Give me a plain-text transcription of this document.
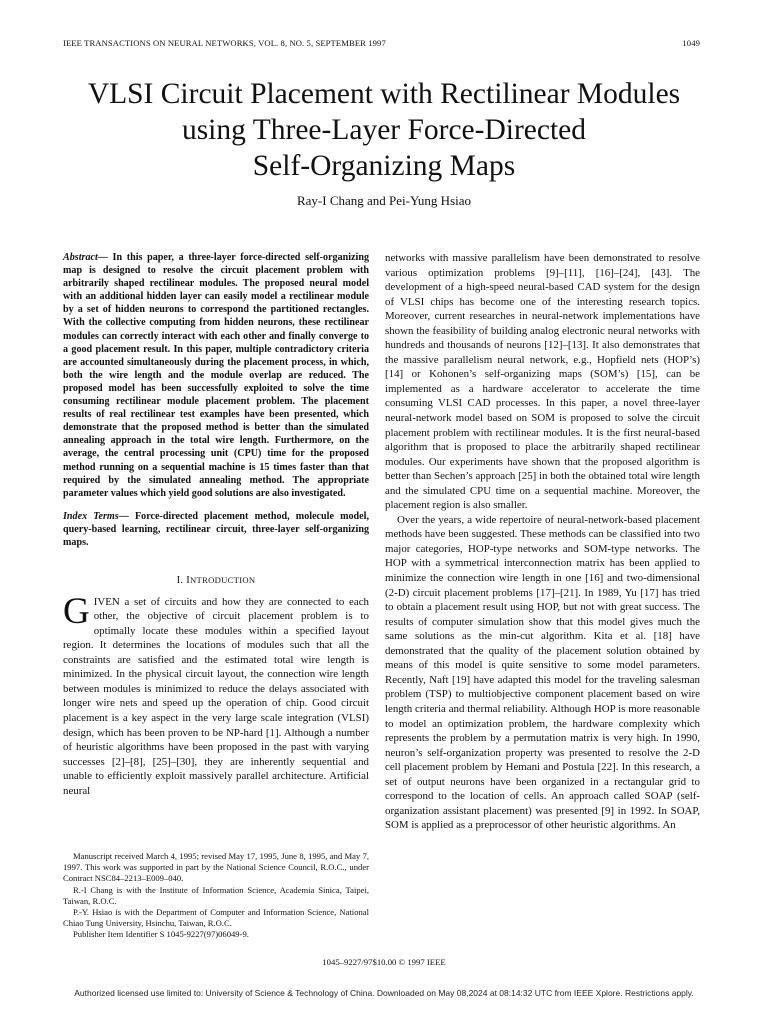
IEEE TRANSACTIONS ON NEURAL NETWORKS, VOL. 8, NO. 5, SEPTEMBER 1997	1049
VLSI Circuit Placement with Rectilinear Modules
using Three-Layer Force-Directed
Self-Organizing Maps
Ray-I Chang and Pei-Yung Hsiao

Abstract— In this paper, a three-layer force-directed self-organizing map is designed to resolve the circuit placement problem with arbitrarily shaped rectilinear modules. The proposed neural model with an additional hidden layer can easily model a rectilinear module by a set of hidden neurons to correspond the partitioned rectangles. With the collective computing from hidden neurons, these rectilinear modules can correctly interact with each other and finally converge to a good placement result. In this paper, multiple contradictory criteria are accounted simultaneously during the placement process, in which, both the wire length and the module overlap are reduced. The proposed model has been successfully exploited to solve the time consuming rectilinear module placement problem. The placement results of real rectilinear test examples have been presented, which demonstrate that the proposed method is better than the simulated annealing approach in the total wire length. Furthermore, on the average, the central processing unit (CPU) time for the proposed method running on a sequential machine is 15 times faster than that required by the simulated annealing method. The appropriate parameter values which yield good solutions are also investigated.

Index Terms— Force-directed placement method, molecule model, query-based learning, rectilinear circuit, three-layer self-organizing maps.

I. INTRODUCTION

GIVEN a set of circuits and how they are connected to each other, the objective of circuit placement problem is to optimally locate these modules within a specified layout region. It determines the locations of modules such that all the constraints are satisfied and the estimated total wire length is minimized. In the physical circuit layout, the connection wire length between modules is minimized to reduce the delays associated with longer wire nets and speed up the operation of chip. Good circuit placement is a key aspect in the very large scale integration (VLSI) design, which has been proven to be NP-hard [1]. Although a number of heuristic algorithms have been proposed in the past with varying successes [2]–[8], [25]–[30], they are inherently sequential and unable to efficiently exploit massively parallel architecture. Artificial neural

Manuscript received March 4, 1995; revised May 17, 1995, June 8, 1995, and May 7, 1997. This work was supported in part by the National Science Council, R.O.C., under Contract NSC84–2213–E009–040.

R.-I Chang is with the Institute of Information Science, Academia Sinica, Taipei, Taiwan, R.O.C.

P.-Y. Hsiao is with the Department of Computer and Information Science, National Chiao Tung University, Hsinchu, Taiwan, R.O.C.

Publisher Item Identifier S 1045-9227(97)06049-9.

networks with massive parallelism have been demonstrated to resolve various optimization problems [9]–[11], [16]–[24], [43]. The development of a high-speed neural-based CAD system for the design of VLSI chips has become one of the interesting research topics. Moreover, current researches in neural-network implementations have shown the feasibility of building analog electronic neural networks with hundreds and thousands of neurons [12]–[13]. It also demonstrates that the massive parallelism neural network, e.g., Hopfield nets (HOP’s) [14] or Kohonen’s self-organizing maps (SOM’s) [15], can be implemented as a hardware accelerator to accelerate the time consuming VLSI CAD processes. In this paper, a novel three-layer neural-network model based on SOM is proposed to solve the circuit placement problem with rectilinear modules. It is the first neural-based algorithm that is proposed to place the arbitrarily shaped rectilinear modules. Our experiments have shown that the proposed algorithm is better than Sechen’s approach [25] in both the obtained total wire length and the simulated CPU time on a sequential machine. Moreover, the placement region is also smaller.

Over the years, a wide repertoire of neural-network-based placement methods have been suggested. These methods can be classified into two major categories, HOP-type networks and SOM-type networks. The HOP with a symmetrical interconnection matrix has been applied to minimize the connection wire length in one [16] and two-dimensional (2-D) circuit placement problems [17]–[21]. In 1989, Yu [17] has tried to obtain a placement result using HOP, but not with great success. The results of computer simulation show that this model gives much the same solutions as the min-cut algorithm. Kita et al. [18] have demonstrated that the quality of the placement solution obtained by means of this model is quite sensitive to some model parameters. Recently, Naft [19] have adapted this model for the traveling salesman problem (TSP) to multiobjective component placement based on wire length criteria and thermal reliability. Although HOP is more reasonable to model an optimization problem, the hardware complexity which represents the problem by a permutation matrix is very high. In 1990, neuron’s self-organization property was presented to resolve the 2-D cell placement problem by Hemani and Postula [22]. In this research, a set of output neurons have been organized in a rectangular grid to correspond to the location of cells. An approach called SOAP (self-organization assistant placement) was presented [9] in 1992. In SOAP, SOM is applied as a preprocessor of other heuristic algorithms. An

1045–9227/97$10.00 © 1997 IEEE
Authorized licensed use limited to: University of Science & Technology of China. Downloaded on May 08,2024 at 08:14:32 UTC from IEEE Xplore. Restrictions apply.
